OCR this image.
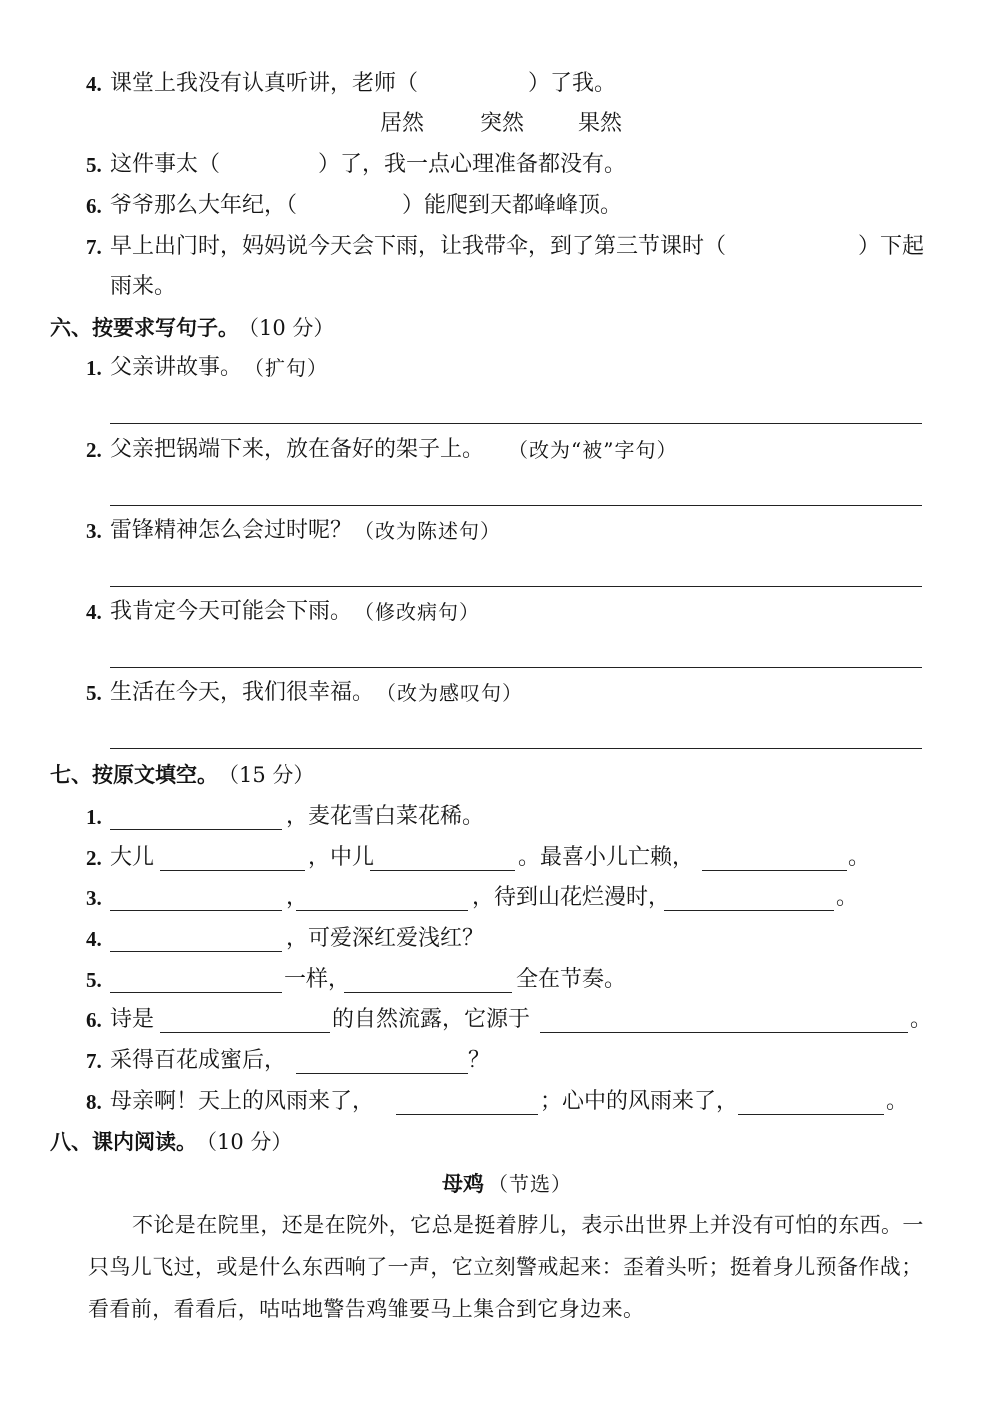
4. 课堂上我没有认真听讲，老师（	）了我。
居然	突然 果然
5. 这件事太（	）了，我一点心理准备都没有。
6. 爷爷那么大年纪，（	）能爬到天都峰峰顶。
7. 早上出门时，妈妈说今天会下雨，让我带伞，到了第三节课时（	）下起
雨来。
六、按要求写句子。 （10 分）
1. 父亲讲故事。 （扩句）
2. 父亲把锅端下来，放在备好的架子上。 （改为“被”字句）
3. 雷锋精神怎么会过时呢？ （改为陈述句）
4. 我肯定今天可能会下雨。 （修改病句）
5. 生活在今天，我们很幸福。 （改为感叹句）
七、按原文填空。 （15 分）
1.	，麦花雪白菜花稀。
2. 大儿	，中儿	。最喜小儿亡赖，	。
3.	，	，待到山花烂漫时，	。
4.	，可爱深红爱浅红？
5.	一样，	全在节奏。
6. 诗是	的自然流露，它源于	。
7. 采得百花成蜜后，	？
8. 母亲啊！天上的风雨来了，	；心中的风雨来了，	。
八、课内阅读。 （10 分）
母鸡 （节选）
不论是在院里，还是在院外，它总是挺着脖儿，表示出世界上并没有可怕的东西。一只鸟儿飞过，或是什么东西响了一声，它立刻警戒起来：歪着头听；挺着身儿预备作战；看看前，看看后，咕咕地警告鸡雏要马上集合到它身边来。
